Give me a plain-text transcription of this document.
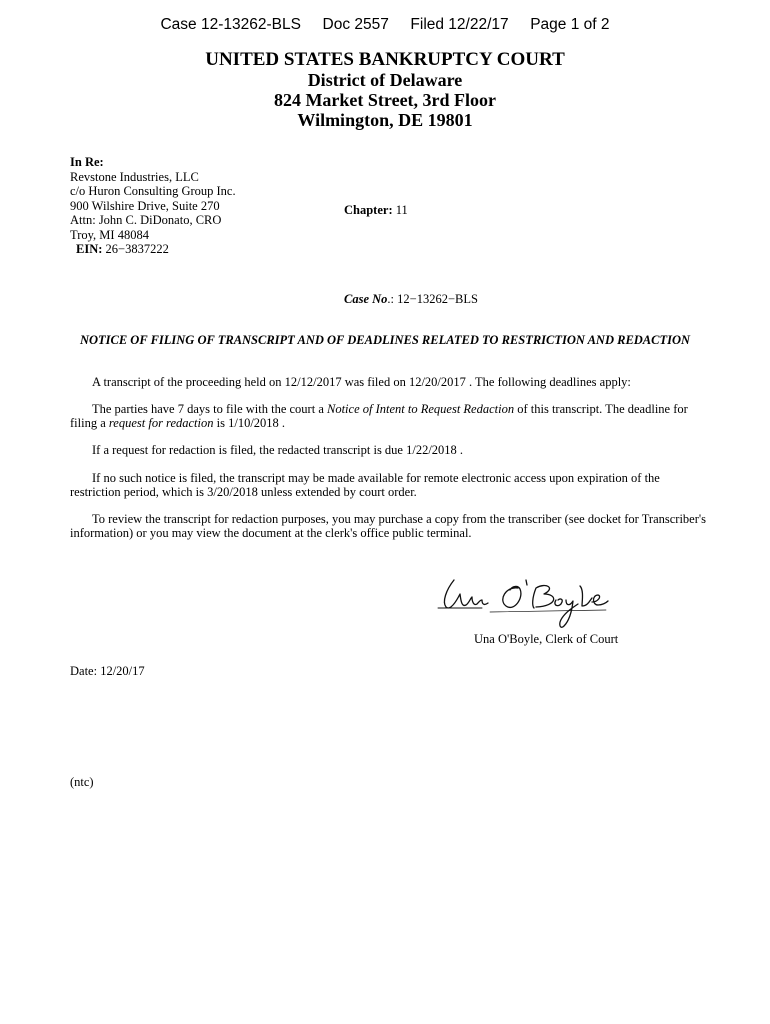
Case 12-13262-BLS Doc 2557 Filed 12/22/17 Page 1 of 2
UNITED STATES BANKRUPTCY COURT
District of Delaware
824 Market Street, 3rd Floor
Wilmington, DE 19801
In Re:
Revstone Industries, LLC
c/o Huron Consulting Group Inc.
900 Wilshire Drive, Suite 270
Attn: John C. DiDonato, CRO
Troy, MI 48084
EIN: 26−3837222
Chapter: 11
Case No.: 12−13262−BLS
NOTICE OF FILING OF TRANSCRIPT AND OF DEADLINES RELATED TO RESTRICTION AND REDACTION
A transcript of the proceeding held on 12/12/2017 was filed on 12/20/2017 . The following deadlines apply:
The parties have 7 days to file with the court a Notice of Intent to Request Redaction of this transcript. The deadline for filing a request for redaction is 1/10/2018 .
If a request for redaction is filed, the redacted transcript is due 1/22/2018 .
If no such notice is filed, the transcript may be made available for remote electronic access upon expiration of the restriction period, which is 3/20/2018 unless extended by court order.
To review the transcript for redaction purposes, you may purchase a copy from the transcriber (see docket for Transcriber's information) or you may view the document at the clerk's office public terminal.
Una O'Boyle, Clerk of Court
Date: 12/20/17
(ntc)
